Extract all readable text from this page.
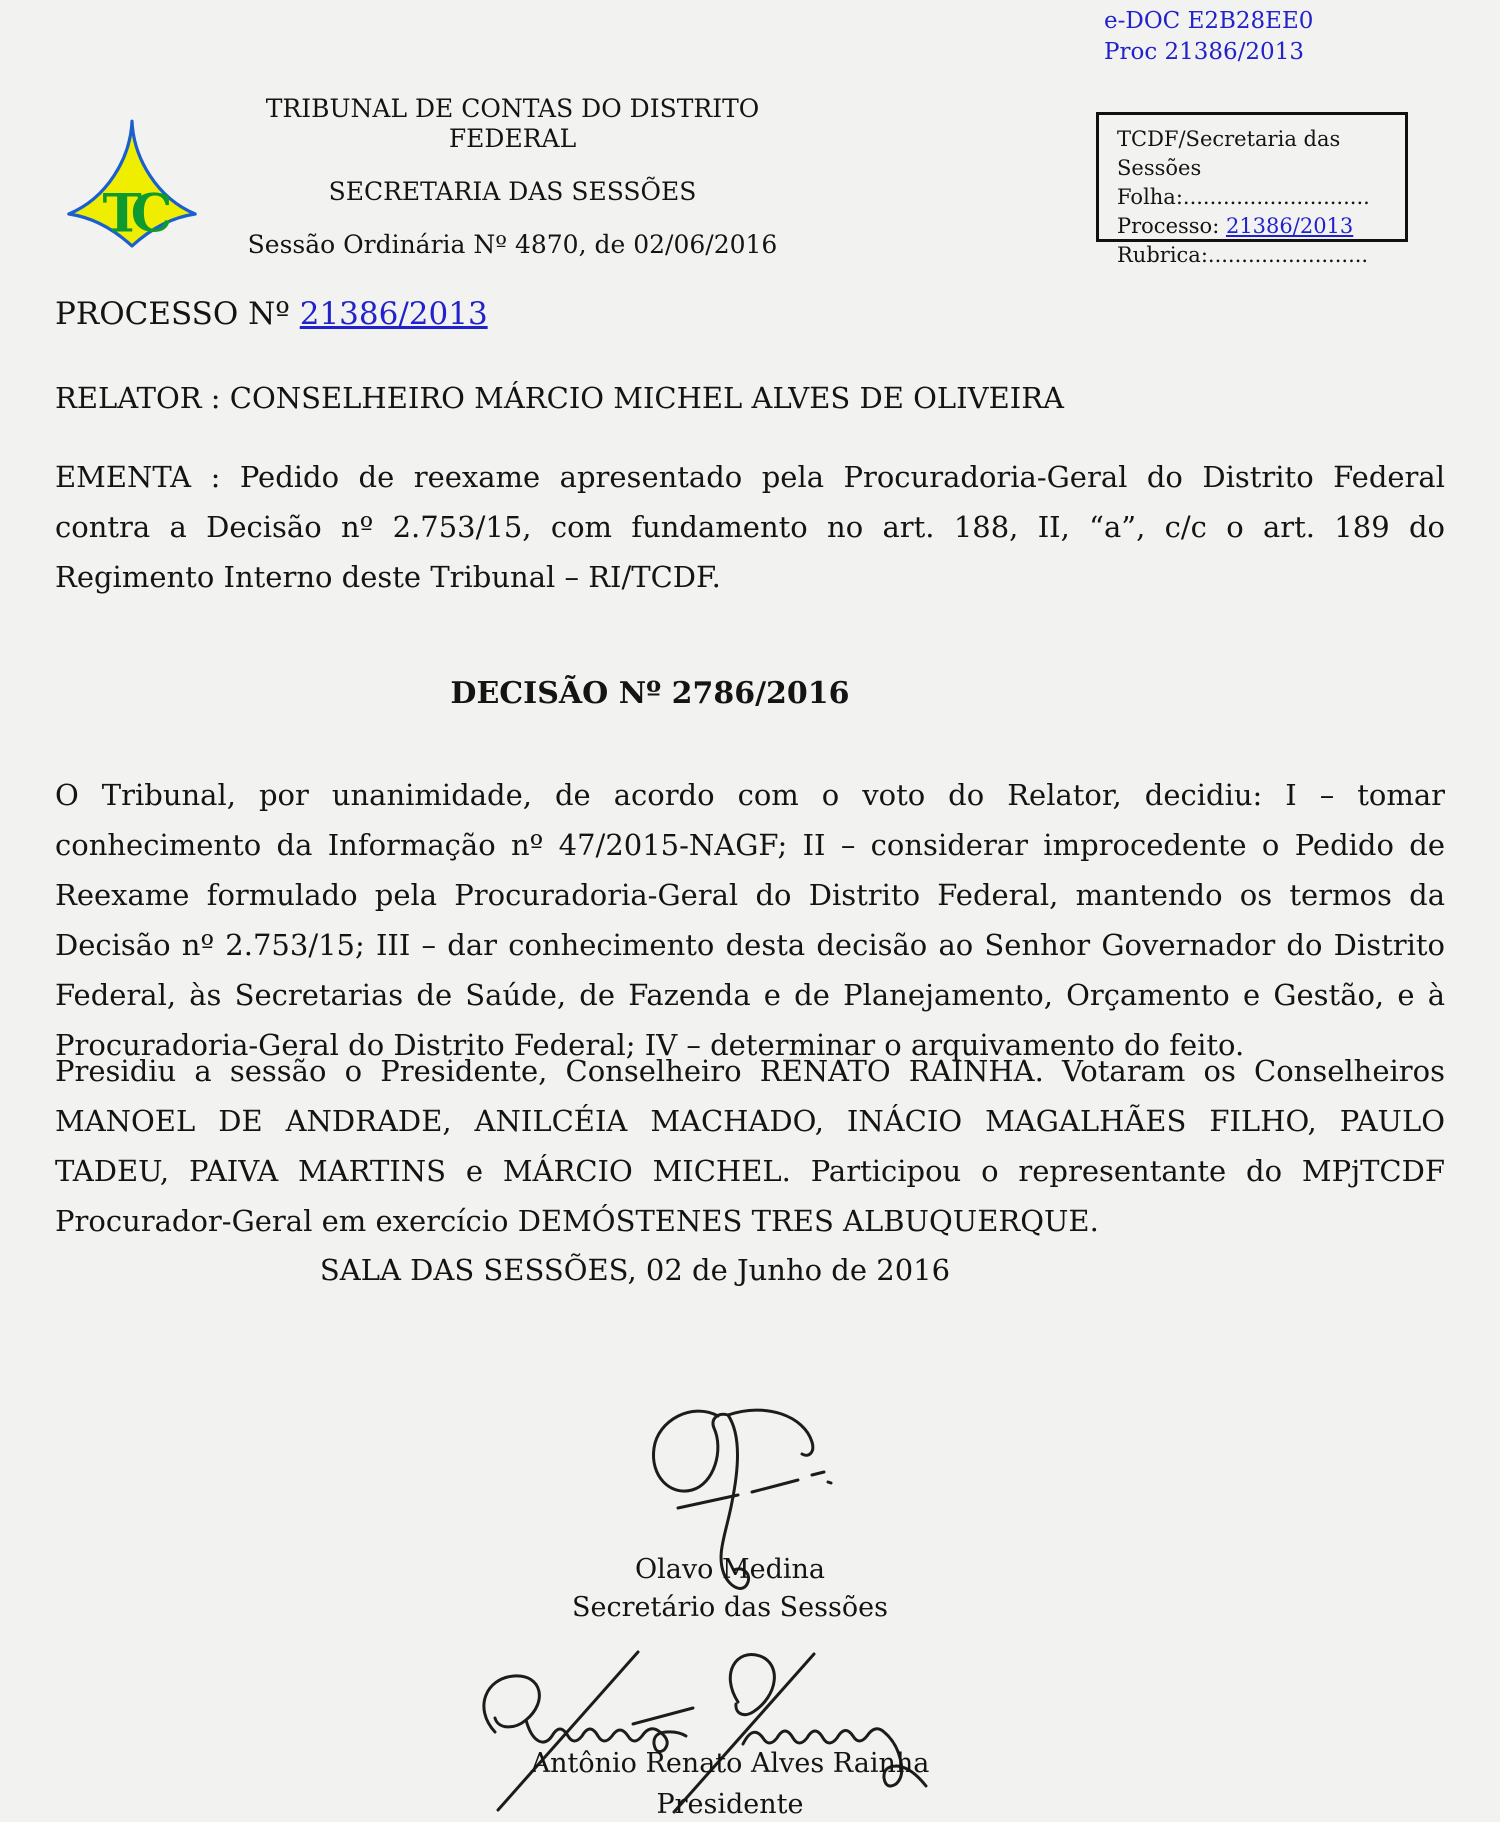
e-DOC E2B28EE0
Proc 21386/2013
TC
TRIBUNAL DE CONTAS DO DISTRITO FEDERAL
SECRETARIA DAS SESSÕES
Sessão Ordinária Nº 4870, de 02/06/2016
TCDF/Secretaria das Sessões
Folha:............................
Processo: 21386/2013
Rubrica:........................
PROCESSO Nº 21386/2013
RELATOR : CONSELHEIRO MÁRCIO MICHEL ALVES DE OLIVEIRA
EMENTA : Pedido de reexame apresentado pela Procuradoria-Geral do Distrito Federal contra a Decisão nº 2.753/15, com fundamento no art. 188, II, “a”, c/c o art. 189 do Regimento Interno deste Tribunal – RI/TCDF.
DECISÃO Nº 2786/2016
O Tribunal, por unanimidade, de acordo com o voto do Relator, decidiu: I – tomar conhecimento da Informação nº 47/2015-NAGF; II – considerar improcedente o Pedido de Reexame formulado pela Procuradoria-Geral do Distrito Federal, mantendo os termos da Decisão nº 2.753/15; III – dar conhecimento desta decisão ao Senhor Governador do Distrito Federal, às Secretarias de Saúde, de Fazenda e de Planejamento, Orçamento e Gestão, e à Procuradoria-Geral do Distrito Federal; IV – determinar o arquivamento do feito.
Presidiu a sessão o Presidente, Conselheiro RENATO RAINHA. Votaram os Conselheiros MANOEL DE ANDRADE, ANILCÉIA MACHADO, INÁCIO MAGALHÃES FILHO, PAULO TADEU, PAIVA MARTINS e MÁRCIO MICHEL. Participou o representante do MPjTCDF Procurador-Geral em exercício DEMÓSTENES TRES ALBUQUERQUE.
SALA DAS SESSÕES, 02 de Junho de 2016
Olavo Medina
Secretário das Sessões
Antônio Renato Alves Rainha
Presidente
